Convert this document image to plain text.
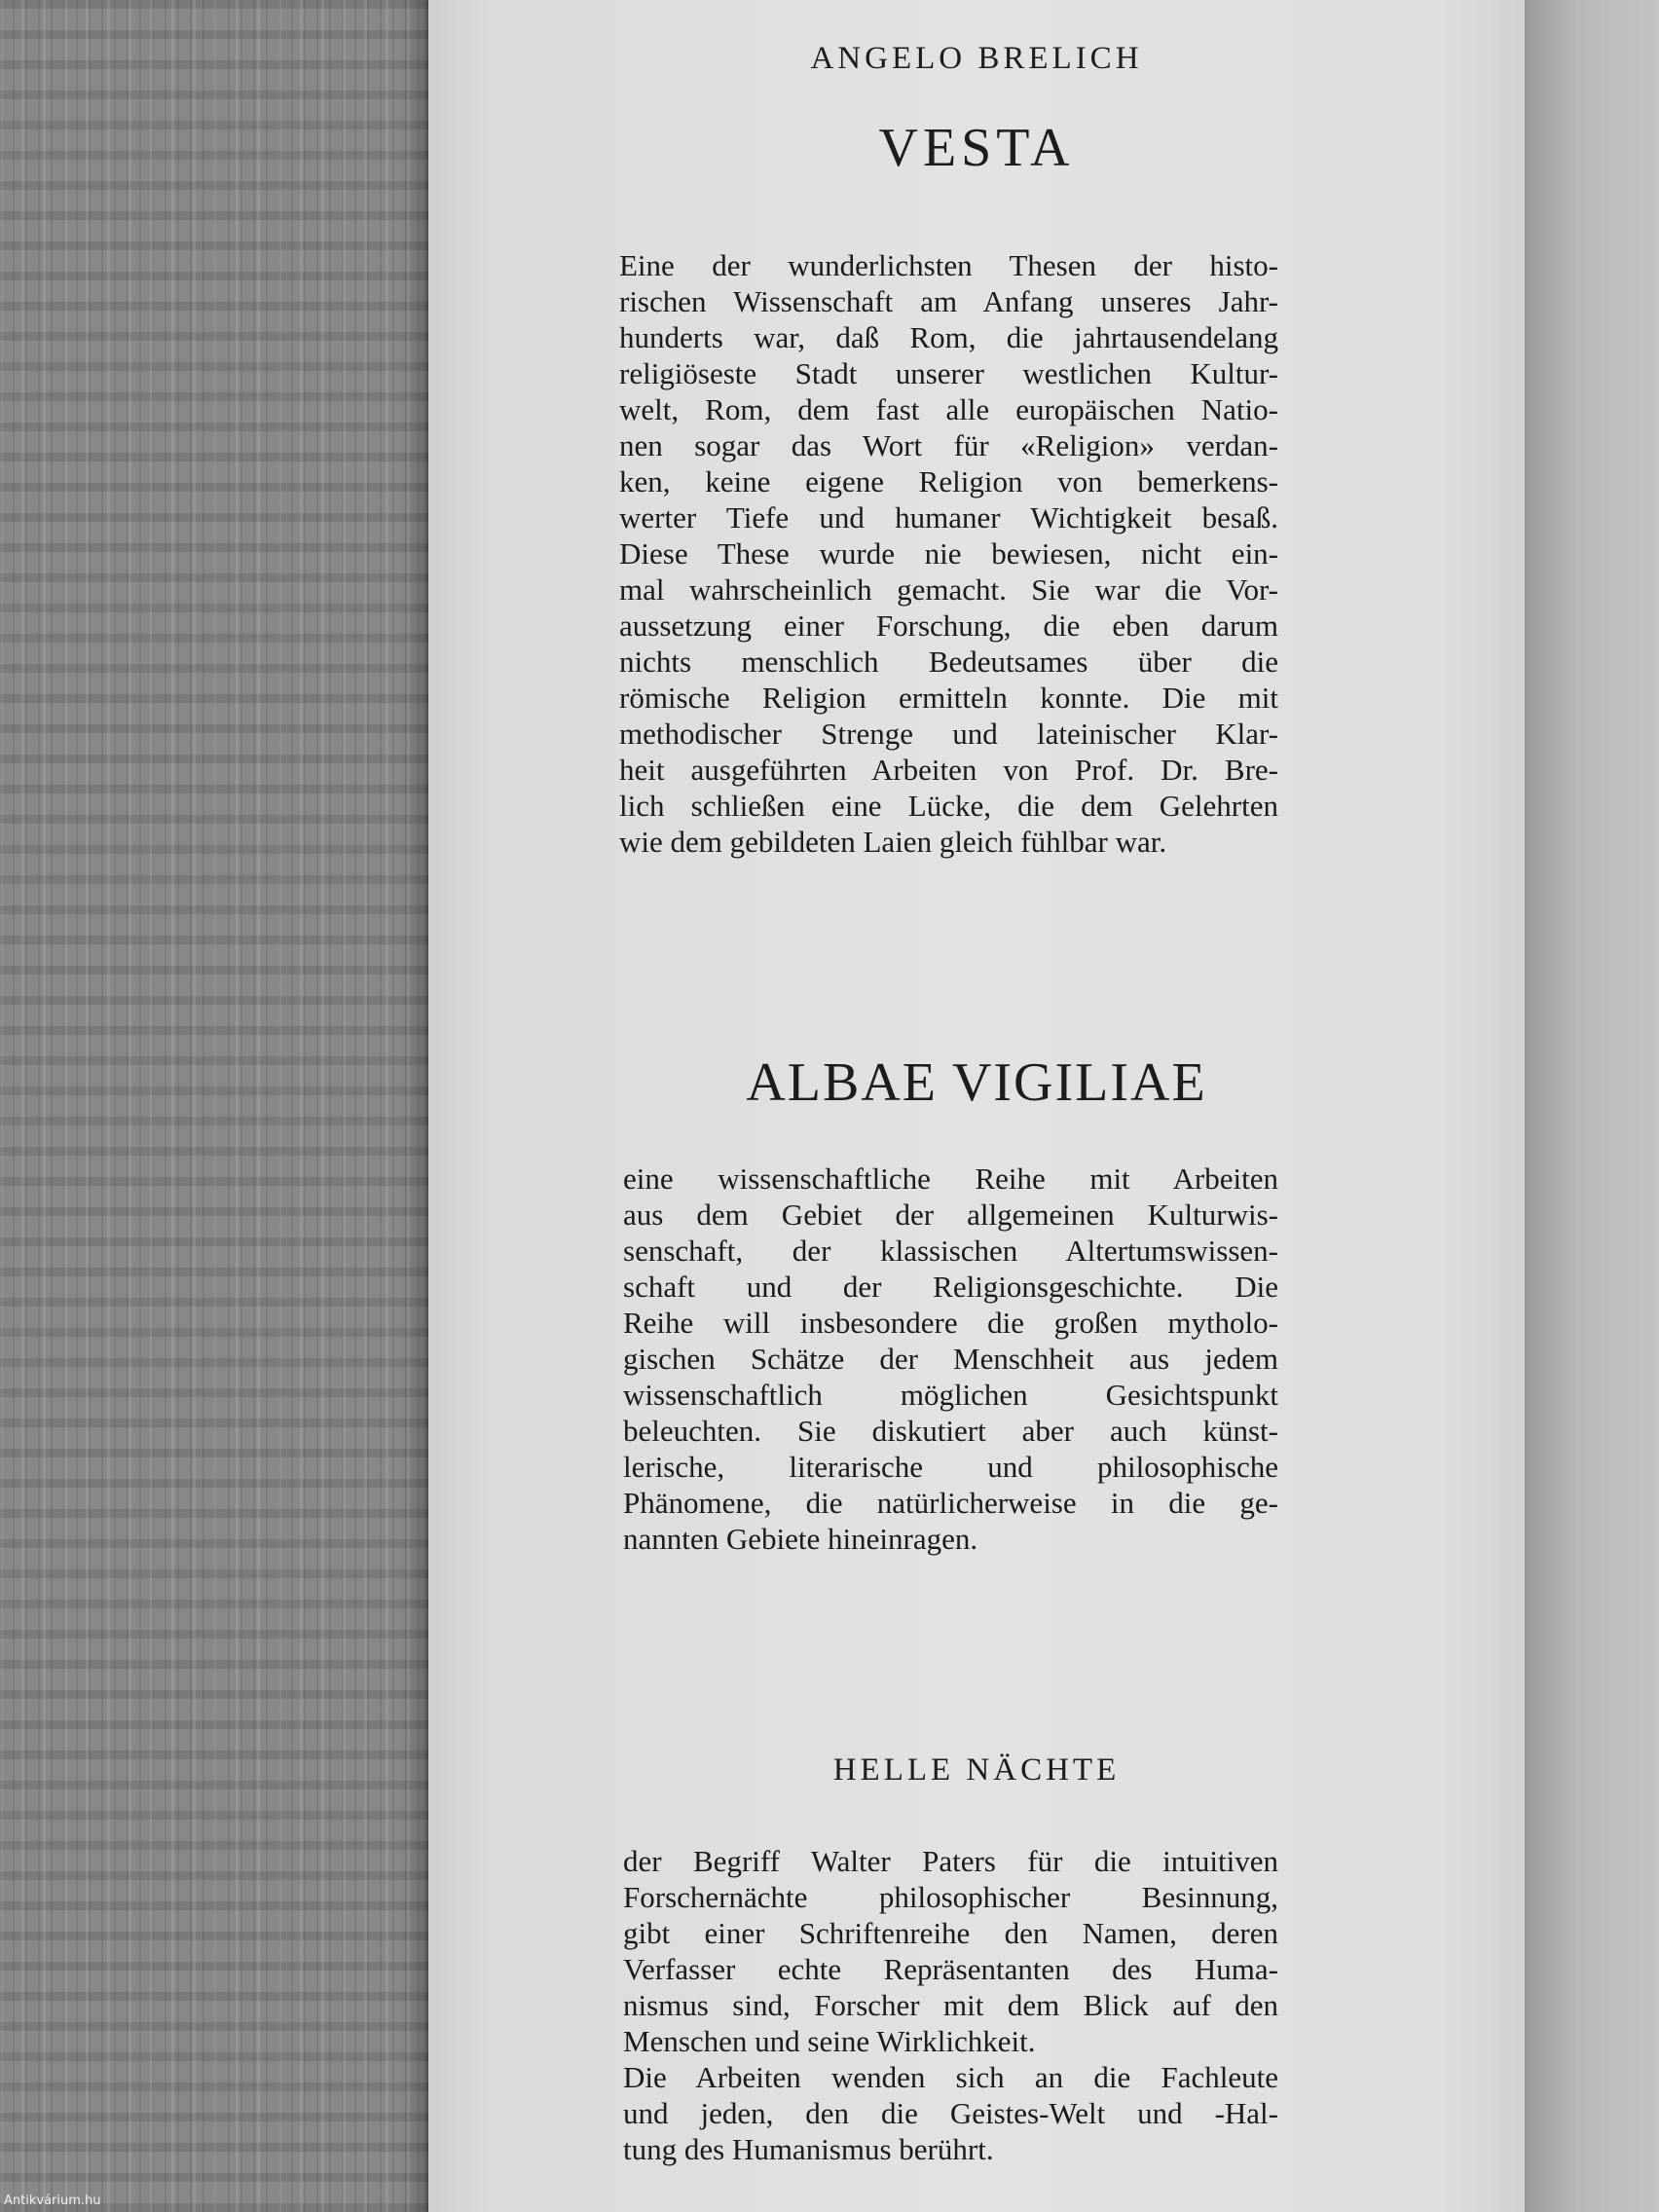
ANGELO BRELICH
VESTA
Eine der wunderlichsten Thesen der histo-
rischen Wissenschaft am Anfang unseres Jahr-
hunderts war, daß Rom, die jahrtausendelang
religiöseste Stadt unserer westlichen Kultur-
welt, Rom, dem fast alle europäischen Natio-
nen sogar das Wort für «Religion» verdan-
ken, keine eigene Religion von bemerkens-
werter Tiefe und humaner Wichtigkeit besaß.
Diese These wurde nie bewiesen, nicht ein-
mal wahrscheinlich gemacht. Sie war die Vor-
aussetzung einer Forschung, die eben darum
nichts menschlich Bedeutsames über die
römische Religion ermitteln konnte. Die mit
methodischer Strenge und lateinischer Klar-
heit ausgeführten Arbeiten von Prof. Dr. Bre-
lich schließen eine Lücke, die dem Gelehrten
wie dem gebildeten Laien gleich fühlbar war.
ALBAE VIGILIAE
eine wissenschaftliche Reihe mit Arbeiten
aus dem Gebiet der allgemeinen Kulturwis-
senschaft, der klassischen Altertumswissen-
schaft und der Religionsgeschichte. Die
Reihe will insbesondere die großen mytholo-
gischen Schätze der Menschheit aus jedem
wissenschaftlich möglichen Gesichtspunkt
beleuchten. Sie diskutiert aber auch künst-
lerische, literarische und philosophische
Phänomene, die natürlicherweise in die ge-
nannten Gebiete hineinragen.
HELLE NÄCHTE
der Begriff Walter Paters für die intuitiven
Forschernächte philosophischer Besinnung,
gibt einer Schriftenreihe den Namen, deren
Verfasser echte Repräsentanten des Huma-
nismus sind, Forscher mit dem Blick auf den
Menschen und seine Wirklichkeit.
Die Arbeiten wenden sich an die Fachleute
und jeden, den die Geistes-Welt und -Hal-
tung des Humanismus berührt.
Antikvárium.hu
